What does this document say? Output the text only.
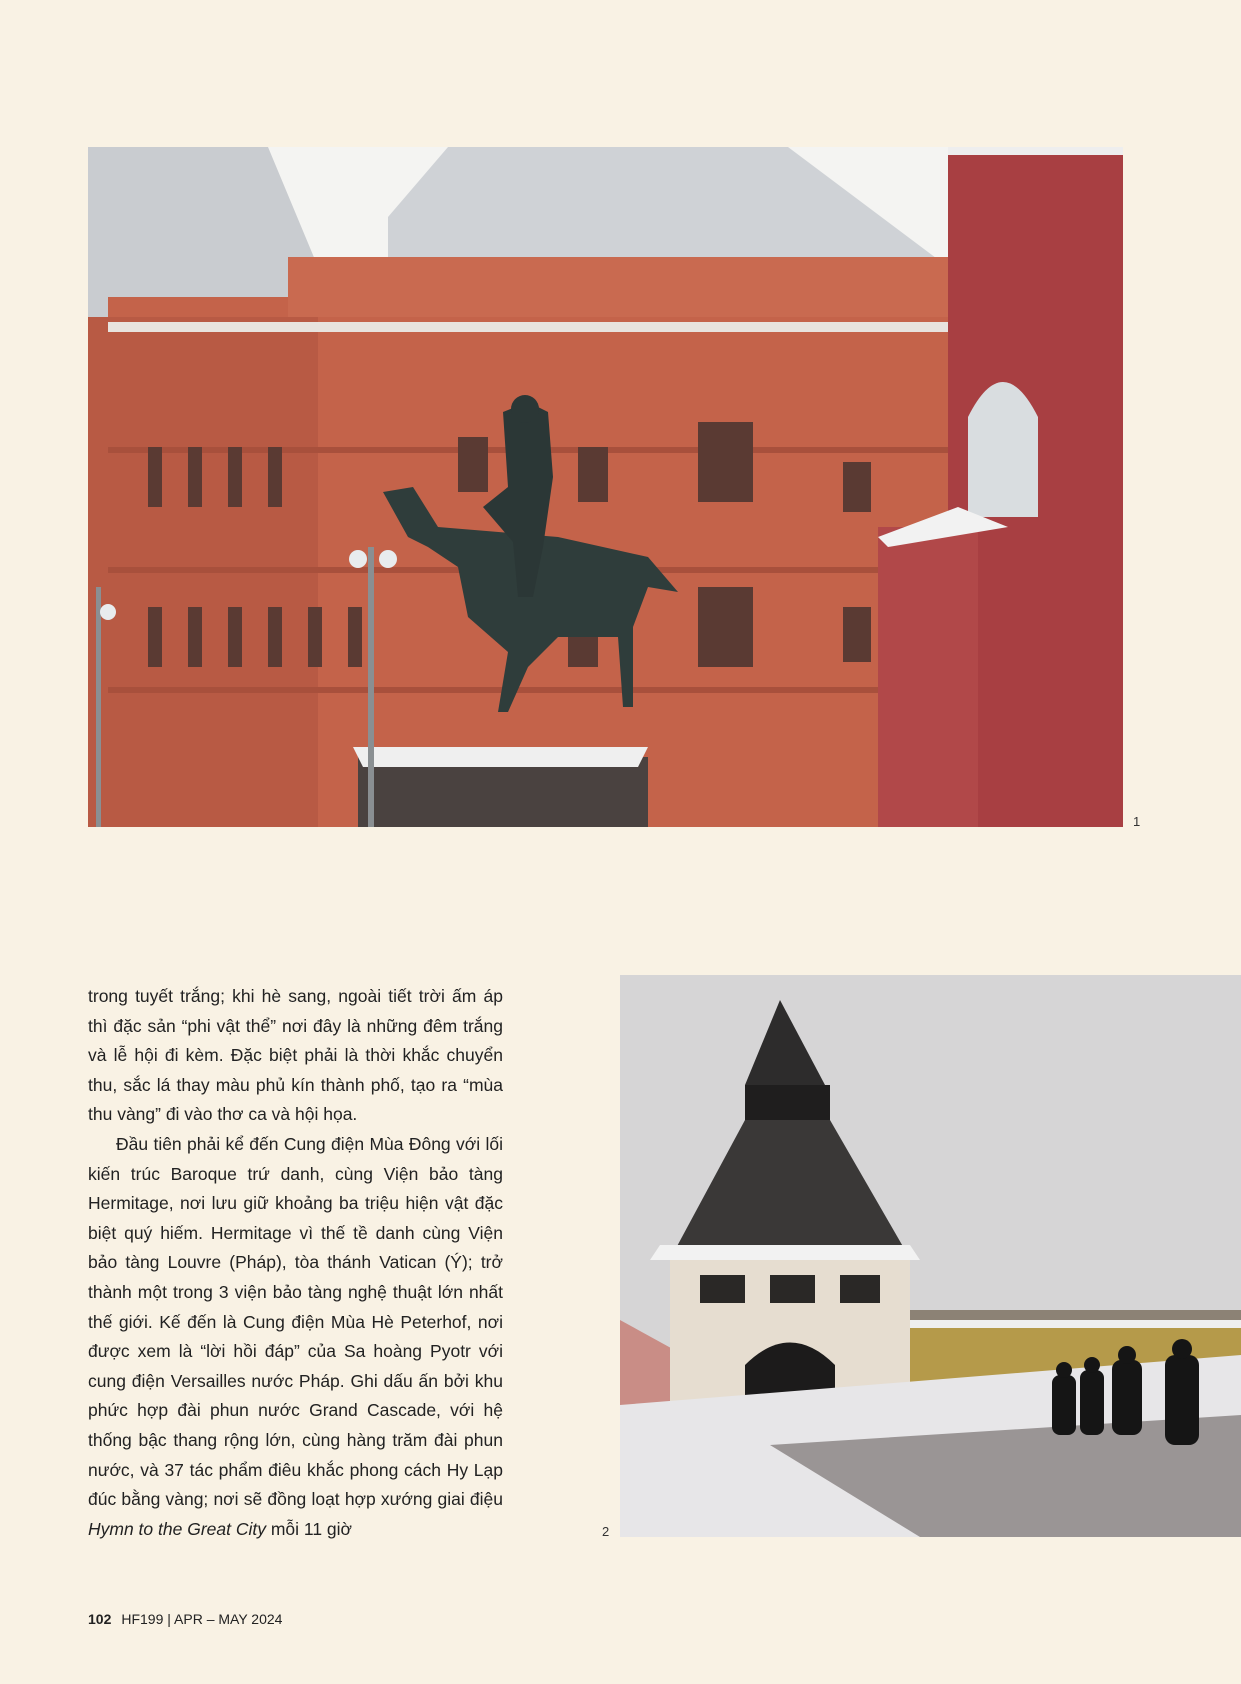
1

trong tuyết trắng; khi hè sang, ngoài tiết trời ấm áp thì đặc sản “phi vật thể” nơi đây là những đêm trắng và lễ hội đi kèm. Đặc biệt phải là thời khắc chuyển thu, sắc lá thay màu phủ kín thành phố, tạo ra “mùa thu vàng” đi vào thơ ca và hội họa.

Đầu tiên phải kể đến Cung điện Mùa Đông với lối kiến trúc Baroque trứ danh, cùng Viện bảo tàng Hermitage, nơi lưu giữ khoảng ba triệu hiện vật đặc biệt quý hiếm. Hermitage vì thế tề danh cùng Viện bảo tàng Louvre (Pháp), tòa thánh Vatican (Ý); trở thành một trong 3 viện bảo tàng nghệ thuật lớn nhất thế giới. Kế đến là Cung điện Mùa Hè Peterhof, nơi được xem là “lời hồi đáp” của Sa hoàng Pyotr với cung điện Versailles nước Pháp. Ghi dấu ấn bởi khu phức hợp đài phun nước Grand Cascade, với hệ thống bậc thang rộng lớn, cùng hàng trăm đài phun nước, và 37 tác phẩm điêu khắc phong cách Hy Lạp đúc bằng vàng; nơi sẽ đồng loạt hợp xướng giai điệu Hymn to the Great City mỗi 11 giờ	2
102 HF199 | APR – MAY 2024
